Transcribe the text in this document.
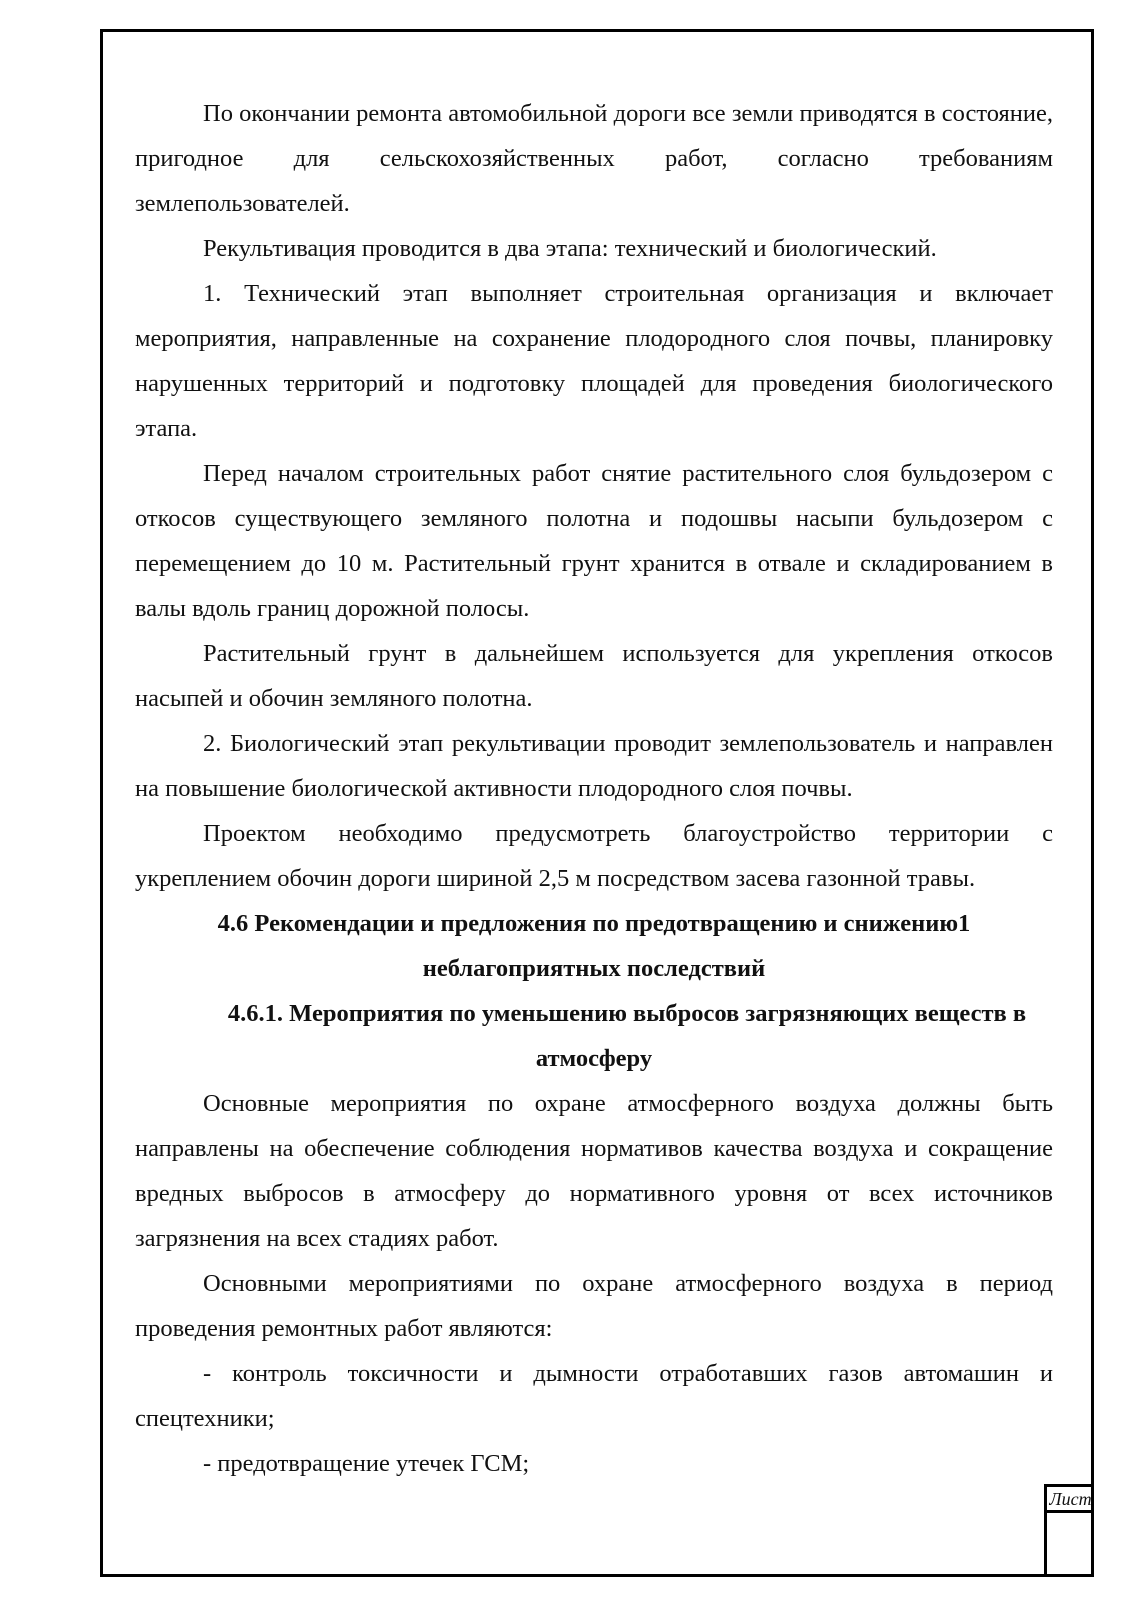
По окончании ремонта автомобильной дороги все земли приводятся в состояние, пригодное для сельскохозяйственных работ, согласно требованиям землепользователей.

Рекультивация проводится в два этапа: технический и биологический.

1. Технический этап выполняет строительная организация и включает мероприятия, направленные на сохранение плодородного слоя почвы, планировку нарушенных территорий и подготовку площадей для проведения биологического этапа.

Перед началом строительных работ снятие растительного слоя бульдозером с откосов существующего земляного полотна и подошвы насыпи бульдозером с перемещением до 10 м. Растительный грунт хранится в отвале и складированием в валы вдоль границ дорожной полосы.

Растительный грунт в дальнейшем используется для укрепления откосов насыпей и обочин земляного полотна.

2. Биологический этап рекультивации проводит землепользователь и направлен на повышение биологической активности плодородного слоя почвы.

Проектом необходимо предусмотреть благоустройство территории с укреплением обочин дороги шириной 2,5 м посредством засева газонной травы.

4.6 Рекомендации и предложения по предотвращению и снижению1 неблагоприятных последствий

4.6.1. Мероприятия по уменьшению выбросов загрязняющих веществ в атмосферу

Основные мероприятия по охране атмосферного воздуха должны быть направлены на обеспечение соблюдения нормативов качества воздуха и сокращение вредных выбросов в атмосферу до нормативного уровня от всех источников загрязнения на всех стадиях работ.

Основными мероприятиями по охране атмосферного воздуха в период проведения ремонтных работ являются:

- контроль токсичности и дымности отработавших газов автомашин и спецтехники;

- предотвращение утечек ГСМ;

Лист
